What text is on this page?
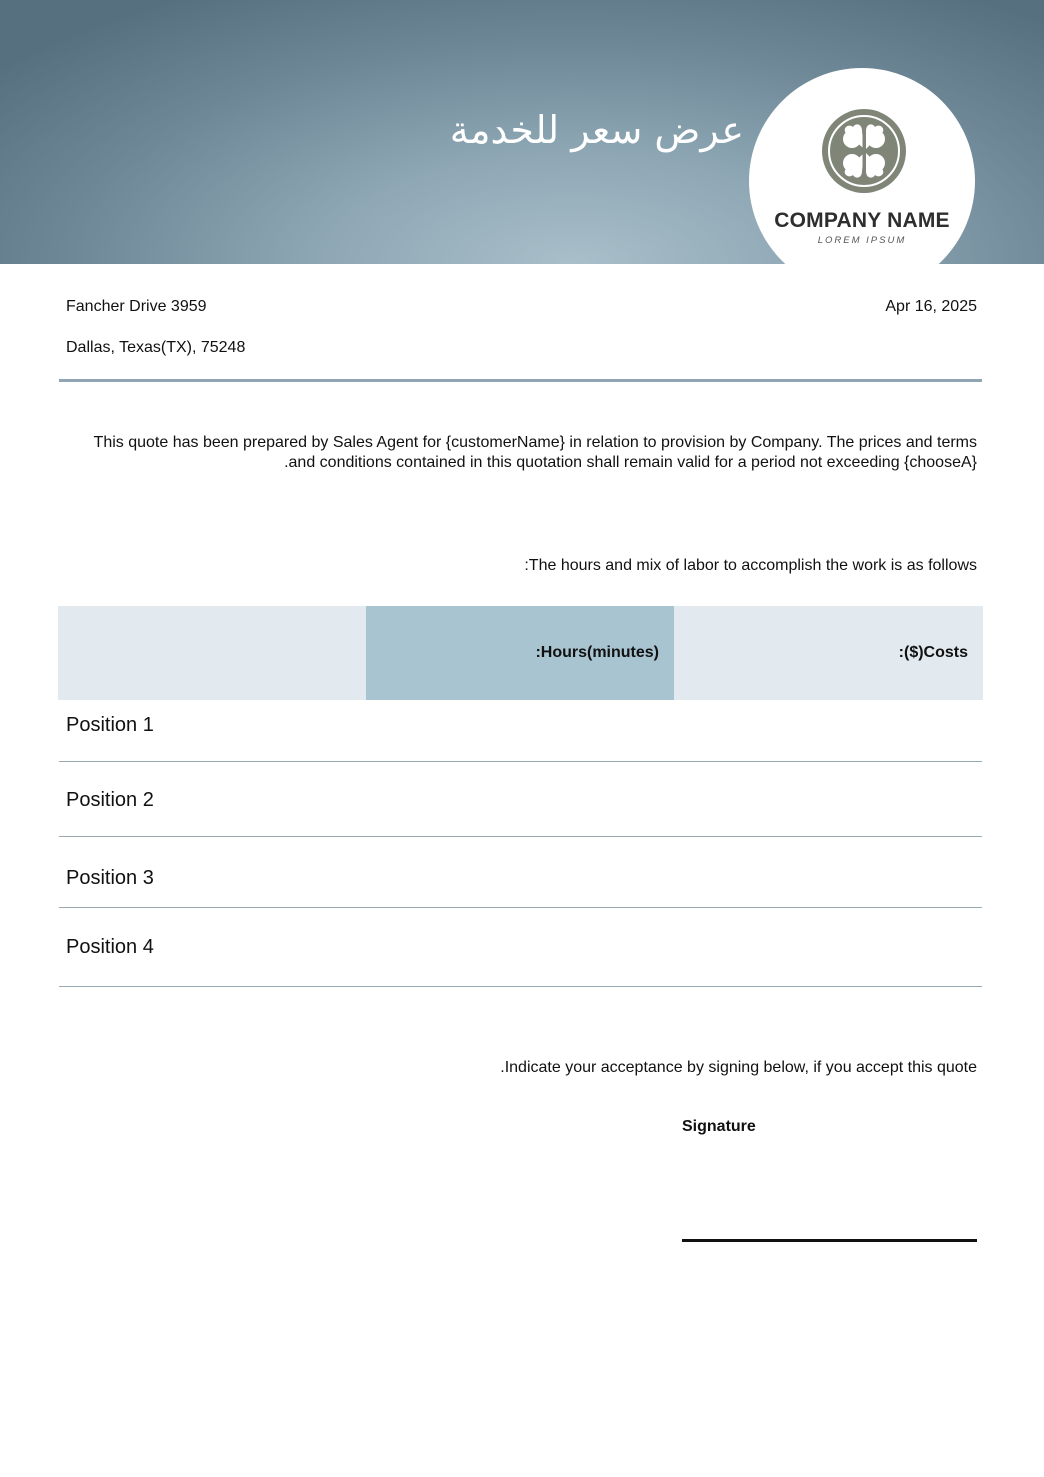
عرض سعر للخدمة
COMPANY NAME
LOREM IPSUM
Fancher Drive 3959
Dallas, Texas(TX), 75248
Apr 16, 2025
This quote has been prepared by Sales Agent for {customerName} in relation to provision by Company. The prices and terms and conditions contained in this quotation shall remain valid for a period not exceeding {chooseA}.
The hours and mix of labor to accomplish the work is as follows:
:Hours(minutes)	:($)Costs
Position 1
Position 2
Position 3
Position 4
Indicate your acceptance by signing below, if you accept this quote.
Signature
